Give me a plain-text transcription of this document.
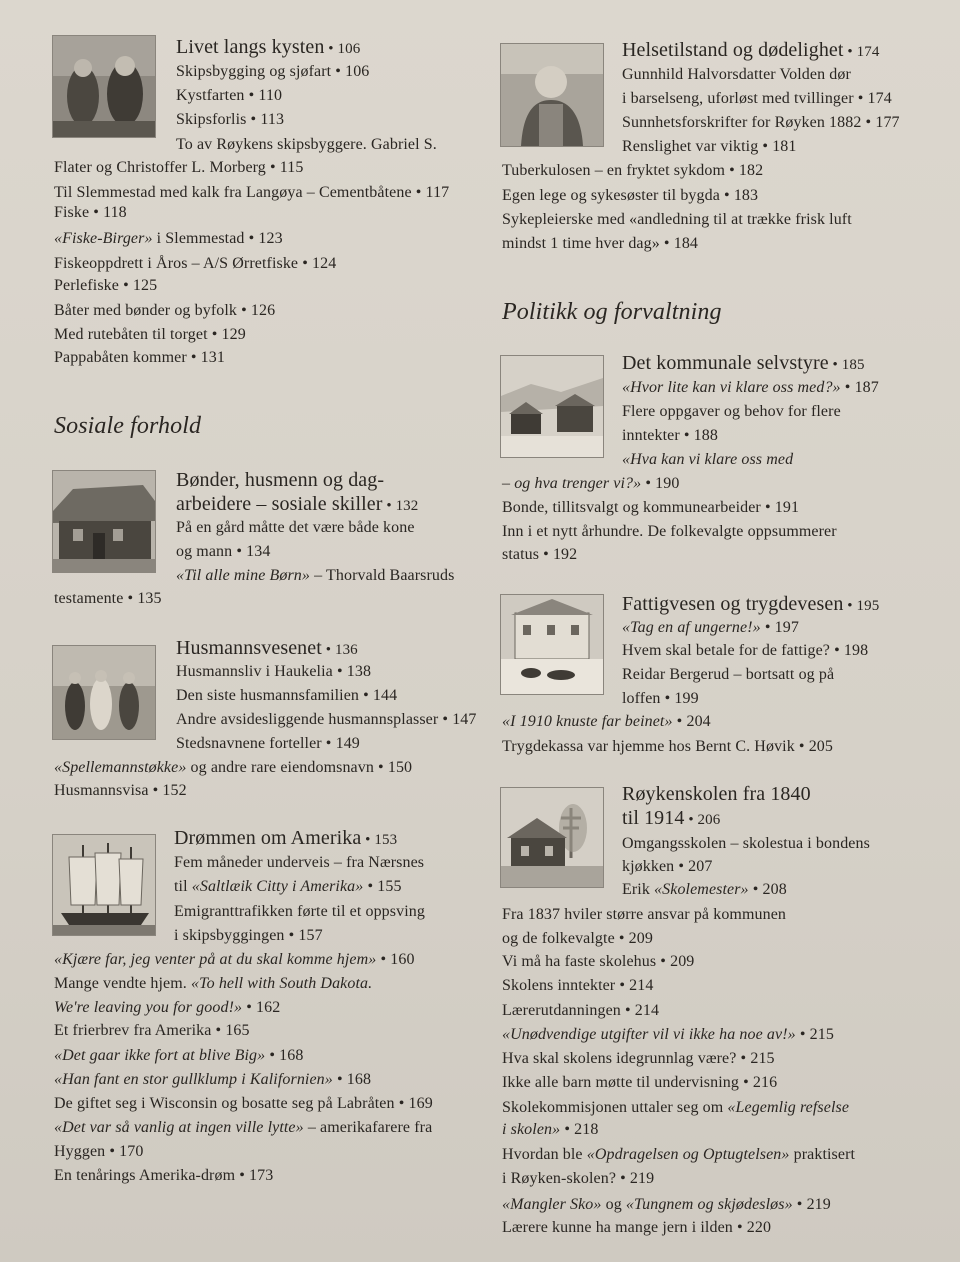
Livet langs kysten • 106
Skipsbygging og sjøfart • 106
Kystfarten • 110
Skipsforlis • 113
To av Røykens skipsbyggere. Gabriel S.
Flater og Christoffer L. Morberg • 115
Til Slemmestad med kalk fra Langøya – Cementbåtene • 117
Fiske • 118
«Fiske-Birger» i Slemmestad • 123
Fiskeoppdrett i Åros – A/S Ørretfiske • 124
Perlefiske • 125
Båter med bønder og byfolk • 126
Med rutebåten til torget • 129
Pappabåten kommer • 131
Sosiale forhold
Bønder, husmenn og dag-
arbeidere – sosiale skiller • 132
På en gård måtte det være både kone
og mann • 134
«Til alle mine Børn» – Thorvald Baarsruds
testamente • 135
Husmannsvesenet • 136
Husmannsliv i Haukelia • 138
Den siste husmannsfamilien • 144
Andre avsidesliggende husmannsplasser • 147
Stedsnavnene forteller • 149
«Spellemannstøkke» og andre rare eiendomsnavn • 150
Husmannsvisa • 152
Drømmen om Amerika • 153
Fem måneder underveis – fra Nærsnes
til «Saltlæik Citty i Amerika» • 155
Emigranttrafikken førte til et oppsving
i skipsbyggingen • 157
«Kjære far, jeg venter på at du skal komme hjem» • 160
Mange vendte hjem. «To hell with South Dakota.
We're leaving you for good!» • 162
Et frierbrev fra Amerika • 165
«Det gaar ikke fort at blive Big» • 168
«Han fant en stor gullklump i Kalifornien» • 168
De giftet seg i Wisconsin og bosatte seg på Labråten • 169
«Det var så vanlig at ingen ville lytte» – amerikafarere fra
Hyggen • 170
En tenårings Amerika-drøm • 173
Helsetilstand og dødelighet • 174
Gunnhild Halvorsdatter Volden dør
i barselseng, uforløst med tvillinger • 174
Sunnhetsforskrifter for Røyken 1882 • 177
Renslighet var viktig • 181
Tuberkulosen – en fryktet sykdom • 182
Egen lege og sykesøster til bygda • 183
Sykepleierske med «andledning til at trække frisk luft
mindst 1 time hver dag» • 184
Politikk og forvaltning
Det kommunale selvstyre • 185
«Hvor lite kan vi klare oss med?» • 187
Flere oppgaver og behov for flere
inntekter • 188
«Hva kan vi klare oss med
– og hva trenger vi?» • 190
Bonde, tillitsvalgt og kommunearbeider • 191
Inn i et nytt århundre. De folkevalgte oppsummerer
status • 192
Fattigvesen og trygdevesen • 195
«Tag en af ungerne!» • 197
Hvem skal betale for de fattige? • 198
Reidar Bergerud – bortsatt og på
loffen • 199
«I 1910 knuste far beinet» • 204
Trygdekassa var hjemme hos Bernt C. Høvik • 205
Røykenskolen fra 1840
til 1914 • 206
Omgangsskolen – skolestua i bondens
kjøkken • 207
Erik «Skolemester» • 208
Fra 1837 hviler større ansvar på kommunen
og de folkevalgte • 209
Vi må ha faste skolehus • 209
Skolens inntekter • 214
Lærerutdanningen • 214
«Unødvendige utgifter vil vi ikke ha noe av!» • 215
Hva skal skolens idegrunnlag være? • 215
Ikke alle barn møtte til undervisning • 216
Skolekommisjonen uttaler seg om «Legemlig refselse
i skolen» • 218
Hvordan ble «Opdragelsen og Optugtelsen» praktisert
i Røyken-skolen? • 219
«Mangler Sko» og «Tungnem og skjødesløs» • 219
Lærere kunne ha mange jern i ilden • 220
